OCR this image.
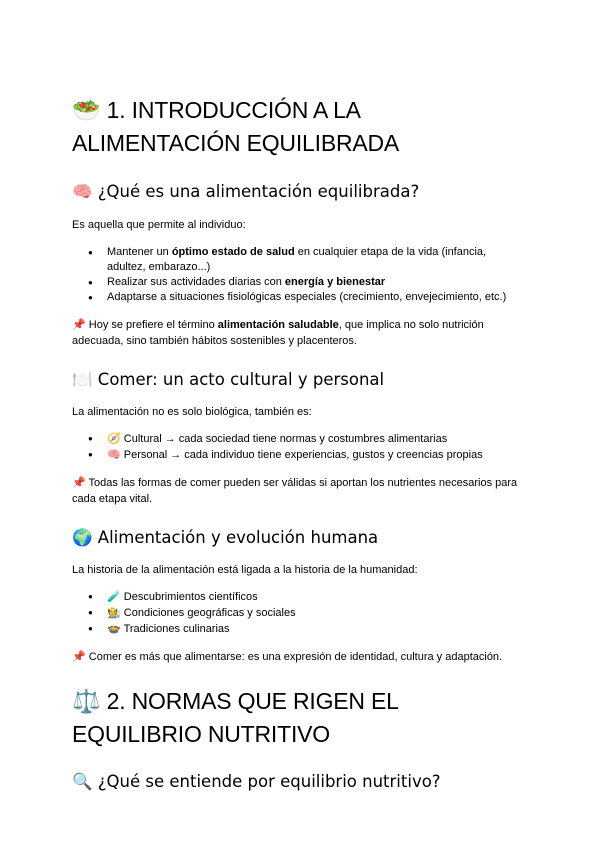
🥗 1. INTRODUCCIÓN A LA
ALIMENTACIÓN EQUILIBRADA
🧠 ¿Qué es una alimentación equilibrada?

Es aquella que permite al individuo:

● Mantener un óptimo estado de salud en cualquier etapa de la vida (infancia,
adultez, embarazo...)
● Realizar sus actividades diarias con energía y bienestar
● Adaptarse a situaciones fisiológicas especiales (crecimiento, envejecimiento, etc.)

📌 Hoy se prefiere el término alimentación saludable, que implica no solo nutrición
adecuada, sino también hábitos sostenibles y placenteros.

🍽️ Comer: un acto cultural y personal

La alimentación no es solo biológica, también es:

● 🧭 Cultural → cada sociedad tiene normas y costumbres alimentarias
● 🧠 Personal → cada individuo tiene experiencias, gustos y creencias propias

📌 Todas las formas de comer pueden ser válidas si aportan los nutrientes necesarios para
cada etapa vital.

🌍 Alimentación y evolución humana

La historia de la alimentación está ligada a la historia de la humanidad:

● 🧪 Descubrimientos científicos
● 🧑‍🌾 Condiciones geográficas y sociales
● 🍲 Tradiciones culinarias

📌 Comer es más que alimentarse: es una expresión de identidad, cultura y adaptación.

⚖️ 2. NORMAS QUE RIGEN EL
EQUILIBRIO NUTRITIVO
🔍 ¿Qué se entiende por equilibrio nutritivo?
